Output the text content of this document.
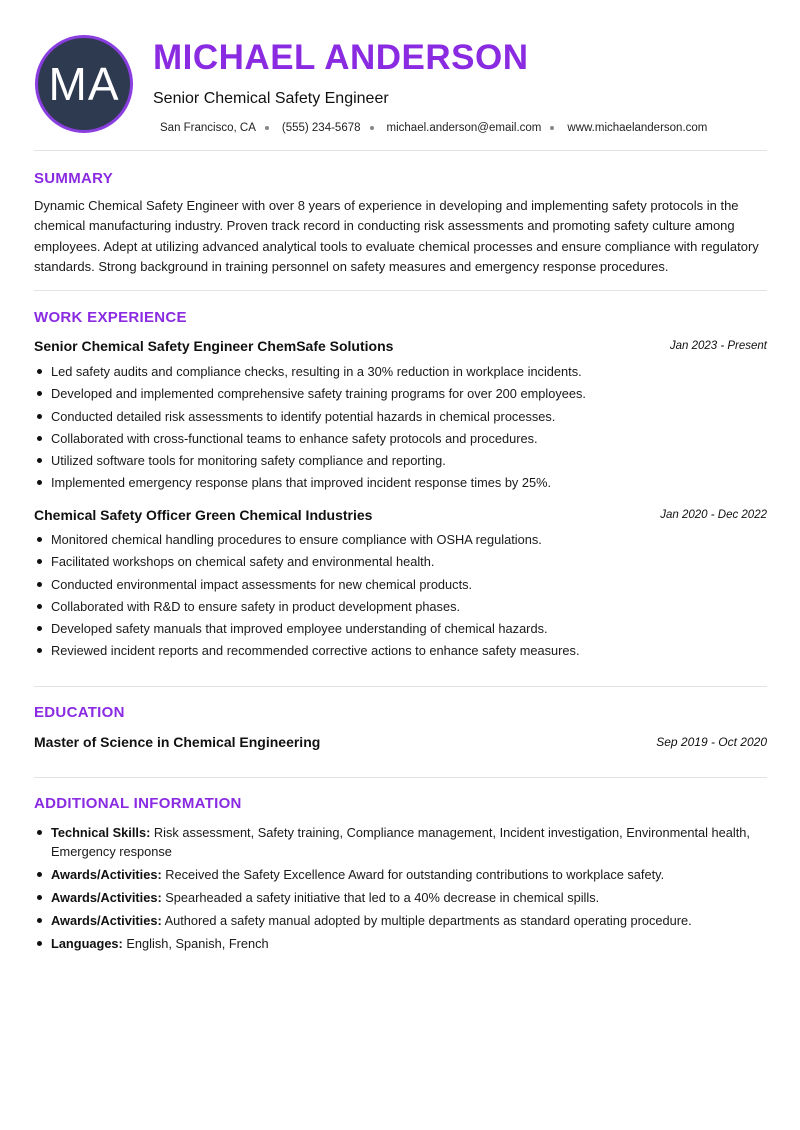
MA
MICHAEL ANDERSON
Senior Chemical Safety Engineer
San Francisco, CA (555) 234-5678 michael.anderson@email.com www.michaelanderson.com
SUMMARY

Dynamic Chemical Safety Engineer with over 8 years of experience in developing and implementing safety protocols in the chemical manufacturing industry. Proven track record in conducting risk assessments and promoting safety culture among employees. Adept at utilizing advanced analytical tools to evaluate chemical processes and ensure compliance with regulatory standards. Strong background in training personnel on safety measures and emergency response procedures.

WORK EXPERIENCE
Senior Chemical Safety Engineer ChemSafe Solutions	Jan 2023 - Present
Led safety audits and compliance checks, resulting in a 30% reduction in workplace incidents.
Developed and implemented comprehensive safety training programs for over 200 employees.
Conducted detailed risk assessments to identify potential hazards in chemical processes.
Collaborated with cross-functional teams to enhance safety protocols and procedures.
Utilized software tools for monitoring safety compliance and reporting.
Implemented emergency response plans that improved incident response times by 25%.
Chemical Safety Officer Green Chemical Industries	Jan 2020 - Dec 2022
Monitored chemical handling procedures to ensure compliance with OSHA regulations.
Facilitated workshops on chemical safety and environmental health.
Conducted environmental impact assessments for new chemical products.
Collaborated with R&D to ensure safety in product development phases.
Developed safety manuals that improved employee understanding of chemical hazards.
Reviewed incident reports and recommended corrective actions to enhance safety measures.
EDUCATION
Master of Science in Chemical Engineering	Sep 2019 - Oct 2020
ADDITIONAL INFORMATION
Technical Skills: Risk assessment, Safety training, Compliance management, Incident investigation, Environmental health, Emergency response
Awards/Activities: Received the Safety Excellence Award for outstanding contributions to workplace safety.
Awards/Activities: Spearheaded a safety initiative that led to a 40% decrease in chemical spills.
Awards/Activities: Authored a safety manual adopted by multiple departments as standard operating procedure.
Languages: English, Spanish, French
